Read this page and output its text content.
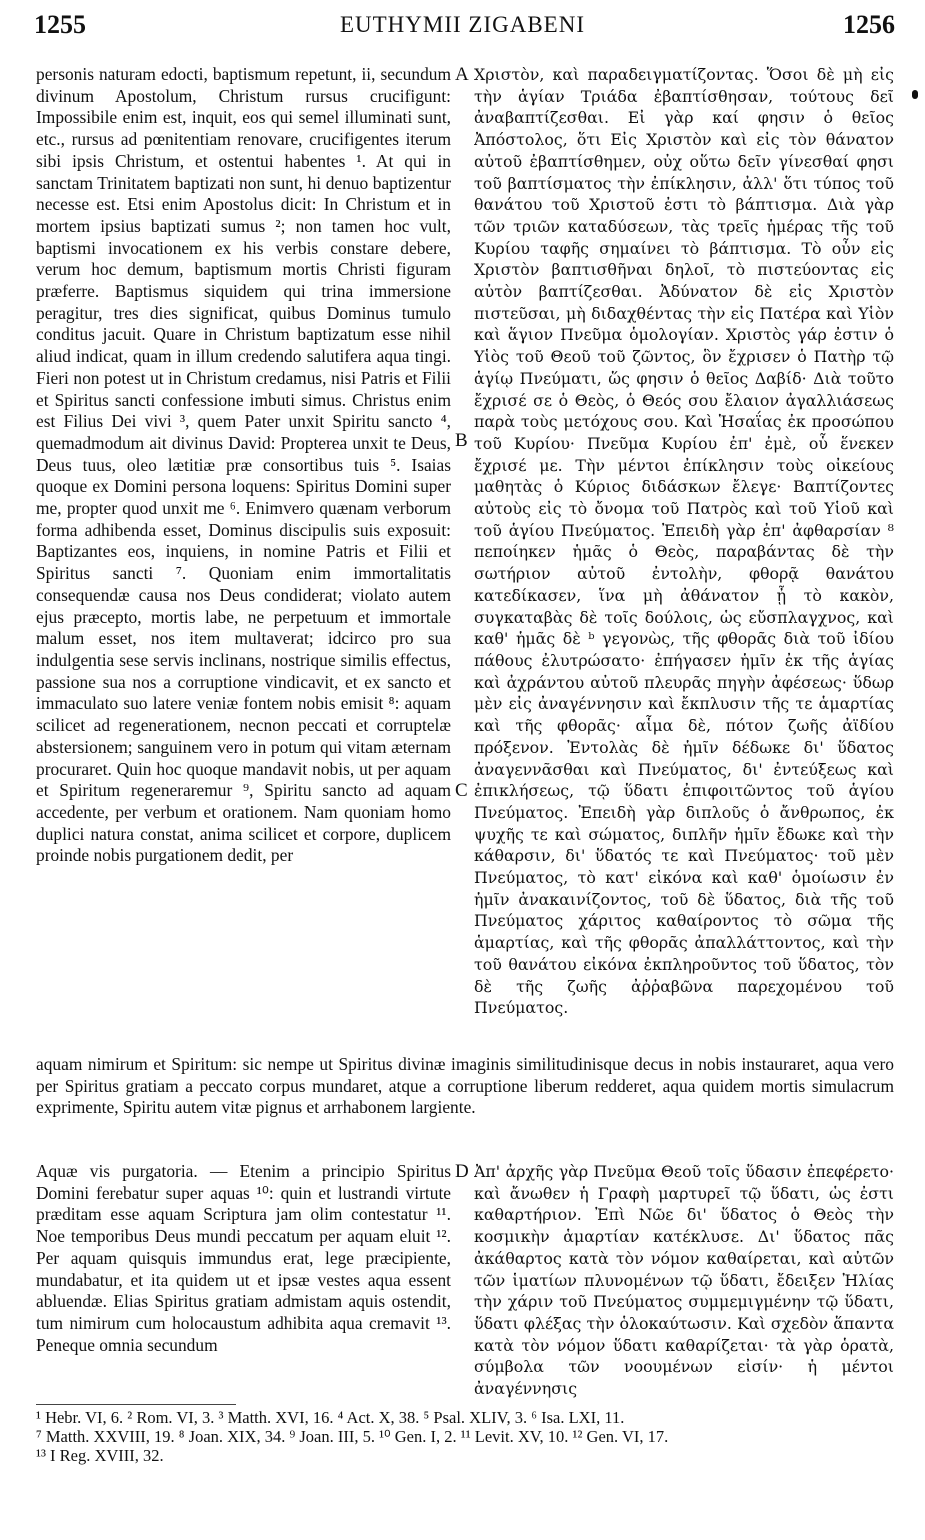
1255	EUTHYMII ZIGABENI	1256

personis naturam edocti, baptismum repetunt, ii, secundum divinum Apostolum, Christum rursus crucifigunt: Impossibile enim est, inquit, eos qui semel illuminati sunt, etc., rursus ad pœnitentiam renovare, crucifigentes iterum sibi ipsis Christum, et ostentui habentes ¹. At qui in sanctam Trinitatem baptizati non sunt, hi denuo baptizentur necesse est. Etsi enim Apostolus dicit: In Christum et in mortem ipsius baptizati sumus ²; non tamen hoc vult, baptismi invocationem ex his verbis constare debere, verum hoc demum, baptismum mortis Christi figuram præferre. Baptismus siquidem qui trina immersione peragitur, tres dies significat, quibus Dominus tumulo conditus jacuit. Quare in Christum baptizatum esse nihil aliud indicat, quam in illum credendo salutifera aqua tingi. Fieri non potest ut in Christum credamus, nisi Patris et Filii et Spiritus sancti confessione imbuti simus. Christus enim est Filius Dei vivi ³, quem Pater unxit Spiritu sancto ⁴, quemadmodum ait divinus David: Propterea unxit te Deus, Deus tuus, oleo lætitiæ præ consortibus tuis ⁵. Isaias quoque ex Domini persona loquens: Spiritus Domini super me, propter quod unxit me ⁶. Enimvero quænam verborum forma adhibenda esset, Dominus discipulis suis exposuit: Baptizantes eos, inquiens, in nomine Patris et Filii et Spiritus sancti ⁷. Quoniam enim immortalitatis consequendæ causa nos Deus condiderat; violato autem ejus præcepto, mortis labe, ne perpetuum et immortale malum esset, nos item multaverat; idcirco pro sua indulgentia sese servis inclinans, nostrique similis effectus, passione sua nos a corruptione vindicavit, et ex sancto et immaculato suo latere veniæ fontem nobis emisit ⁸: aquam scilicet ad regenerationem, necnon peccati et corruptelæ abstersionem; sanguinem vero in potum qui vitam æternam procuraret. Quin hoc quoque mandavit nobis, ut per aquam et Spiritum regeneraremur ⁹, Spiritu sancto ad aquam accedente, per verbum et orationem. Nam quoniam homo duplici natura constat, anima scilicet et corpore, duplicem proinde nobis purgationem dedit, per

Χριστὸν, καὶ παραδειγματίζοντας. Ὅσοι δὲ μὴ εἰς τὴν ἁγίαν Τριάδα ἐβαπτίσθησαν, τούτους δεῖ ἀναβαπτίζεσθαι. Εἰ γὰρ καί φησιν ὁ θεῖος Ἀπόστολος, ὅτι Εἰς Χριστὸν καὶ εἰς τὸν θάνατον αὐτοῦ ἐβαπτίσθημεν, οὐχ οὕτω δεῖν γίνεσθαί φησι τοῦ βαπτίσματος τὴν ἐπίκλησιν, ἀλλ' ὅτι τύπος τοῦ θανάτου τοῦ Χριστοῦ ἐστι τὸ βάπτισμα. Διὰ γὰρ τῶν τριῶν καταδύσεων, τὰς τρεῖς ἡμέρας τῆς τοῦ Κυρίου ταφῆς σημαίνει τὸ βάπτισμα. Τὸ οὖν εἰς Χριστὸν βαπτισθῆναι δηλοῖ, τὸ πιστεύοντας εἰς αὐτὸν βαπτίζεσθαι. Ἀδύνατον δὲ εἰς Χριστὸν πιστεῦσαι, μὴ διδαχθέντας τὴν εἰς Πατέρα καὶ Υἱὸν καὶ ἅγιον Πνεῦμα ὁμολογίαν. Χριστὸς γάρ ἐστιν ὁ Υἱὸς τοῦ Θεοῦ τοῦ ζῶντος, ὃν ἔχρισεν ὁ Πατὴρ τῷ ἁγίῳ Πνεύματι, ὥς φησιν ὁ θεῖος Δαβίδ· Διὰ τοῦτο ἔχρισέ σε ὁ Θεὸς, ὁ Θεός σου ἔλαιον ἀγαλλιάσεως παρὰ τοὺς μετόχους σου. Καὶ Ἡσαΐας ἐκ προσώπου τοῦ Κυρίου· Πνεῦμα Κυρίου ἐπ' ἐμὲ, οὗ ἕνεκεν ἔχρισέ με. Τὴν μέντοι ἐπίκλησιν τοὺς οἰκείους μαθητὰς ὁ Κύριος διδάσκων ἔλεγε· Βαπτίζοντες αὐτοὺς εἰς τὸ ὄνομα τοῦ Πατρὸς καὶ τοῦ Υἱοῦ καὶ τοῦ ἁγίου Πνεύματος. Ἐπειδὴ γὰρ ἐπ' ἀφθαρσίαν ⁸ πεποίηκεν ἡμᾶς ὁ Θεὸς, παραβάντας δὲ τὴν σωτήριον αὐτοῦ ἐντολὴν, φθορᾷ θανάτου κατεδίκασεν, ἵνα μὴ ἀθάνατον ᾖ τὸ κακὸν, συγκαταβὰς δὲ τοῖς δούλοις, ὡς εὔσπλαγχνος, καὶ καθ' ἡμᾶς δὲ ᵇ γεγονὼς, τῆς φθορᾶς διὰ τοῦ ἰδίου πάθους ἐλυτρώσατο· ἐπήγασεν ἡμῖν ἐκ τῆς ἁγίας καὶ ἀχράντου αὐτοῦ πλευρᾶς πηγὴν ἀφέσεως· ὕδωρ μὲν εἰς ἀναγέννησιν καὶ ἔκπλυσιν τῆς τε ἁμαρτίας καὶ τῆς φθορᾶς· αἷμα δὲ, πότον ζωῆς ἀϊδίου πρόξενον. Ἐντολὰς δὲ ἡμῖν δέδωκε δι' ὕδατος ἀναγεννᾶσθαι καὶ Πνεύματος, δι' ἐντεύξεως καὶ ἐπικλήσεως, τῷ ὕδατι ἐπιφοιτῶντος τοῦ ἁγίου Πνεύματος. Ἐπειδὴ γὰρ διπλοῦς ὁ ἄνθρωπος, ἐκ ψυχῆς τε καὶ σώματος, διπλῆν ἡμῖν ἔδωκε καὶ τὴν κάθαρσιν, δι' ὕδατός τε καὶ Πνεύματος· τοῦ μὲν Πνεύματος, τὸ κατ' εἰκόνα καὶ καθ' ὁμοίωσιν ἐν ἡμῖν ἀνακαινίζοντος, τοῦ δὲ ὕδατος, διὰ τῆς τοῦ Πνεύματος χάριτος καθαίροντος τὸ σῶμα τῆς ἁμαρτίας, καὶ τῆς φθορᾶς ἀπαλλάττοντος, καὶ τὴν τοῦ θανάτου εἰκόνα ἐκπληροῦντος τοῦ ὕδατος, τὸν δὲ τῆς ζωῆς ἀῤῥαβῶνα παρεχομένου τοῦ Πνεύματος.

A
B
C
D

aquam nimirum et Spiritum: sic nempe ut Spiritus divinæ imaginis similitudinisque decus in nobis instauraret, aqua vero per Spiritus gratiam a peccato corpus mundaret, atque a corruptione liberum redderet, aqua quidem mortis simulacrum exprimente, Spiritu autem vitæ pignus et arrhabonem largiente.

Aquæ vis purgatoria. — Etenim a principio Spiritus Domini ferebatur super aquas ¹⁰: quin et lustrandi virtute præditam esse aquam Scriptura jam olim contestatur ¹¹. Noe temporibus Deus mundi peccatum per aquam eluit ¹². Per aquam quisquis immundus erat, lege præcipiente, mundabatur, et ita quidem ut et ipsæ vestes aqua essent abluendæ. Elias Spiritus gratiam admistam aquis ostendit, tum nimirum cum holocaustum adhibita aqua cremavit ¹³. Peneque omnia secundum

Ἀπ' ἀρχῆς γὰρ Πνεῦμα Θεοῦ τοῖς ὕδασιν ἐπεφέρετο· καὶ ἄνωθεν ἡ Γραφὴ μαρτυρεῖ τῷ ὕδατι, ὡς ἐστι καθαρτήριον. Ἐπὶ Νῶε δι' ὕδατος ὁ Θεὸς τὴν κοσμικὴν ἁμαρτίαν κατέκλυσε. Δι' ὕδατος πᾶς ἀκάθαρτος κατὰ τὸν νόμον καθαίρεται, καὶ αὐτῶν τῶν ἱματίων πλυνομένων τῷ ὕδατι, ἔδειξεν Ἠλίας τὴν χάριν τοῦ Πνεύματος συμμεμιγμένην τῷ ὕδατι, ὕδατι φλέξας τὴν ὁλοκαύτωσιν. Καὶ σχεδὸν ἅπαντα κατὰ τὸν νόμον ὕδατι καθαρίζεται· τὰ γὰρ ὁρατὰ, σύμβολα τῶν νοουμένων εἰσίν· ἡ μέντοι ἀναγέννησις

¹ Hebr. VI, 6. ² Rom. VI, 3. ³ Matth. XVI, 16. ⁴ Act. X, 38. ⁵ Psal. XLIV, 3. ⁶ Isa. LXI, 11.
⁷ Matth. XXVIII, 19. ⁸ Joan. XIX, 34. ⁹ Joan. III, 5. ¹⁰ Gen. I, 2. ¹¹ Levit. XV, 10. ¹² Gen. VI, 17.
¹³ I Reg. XVIII, 32.
